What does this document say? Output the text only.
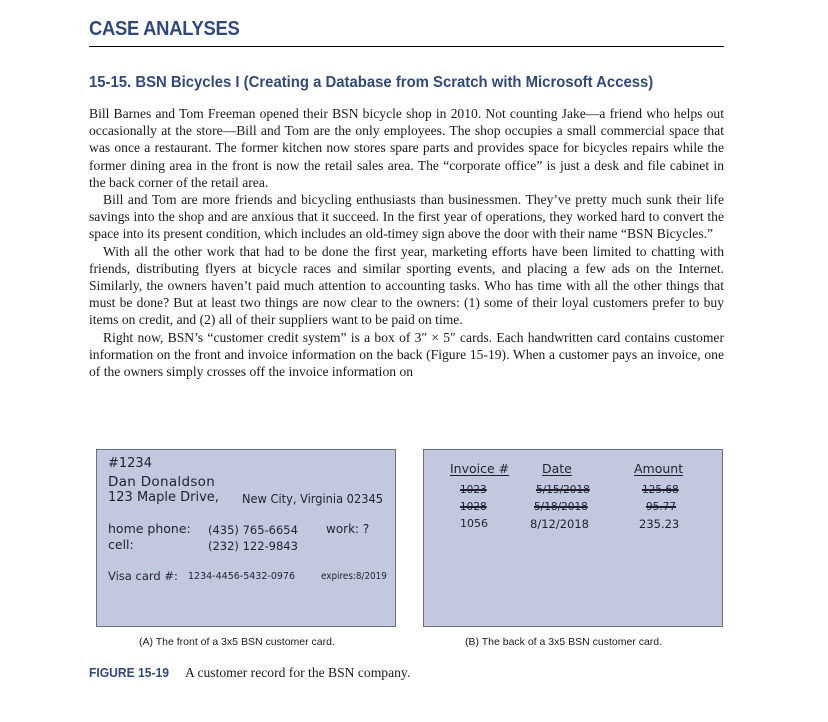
CASE ANALYSES
15-15. BSN Bicycles I (Creating a Database from Scratch with Microsoft Access)

Bill Barnes and Tom Freeman opened their BSN bicycle shop in 2010. Not counting Jake—a friend who helps out occasionally at the store—Bill and Tom are the only employees. The shop occupies a small commercial space that was once a restaurant. The former kitchen now stores spare parts and provides space for bicycles repairs while the former dining area in the front is now the retail sales area. The “corporate office” is just a desk and file cabinet in the back corner of the retail area.

Bill and Tom are more friends and bicycling enthusiasts than businessmen. They’ve pretty much sunk their life savings into the shop and are anxious that it succeed. In the first year of operations, they worked hard to convert the space into its present condition, which includes an old-timey sign above the door with their name “BSN Bicycles.”

With all the other work that had to be done the first year, marketing efforts have been limited to chatting with friends, distributing flyers at bicycle races and similar sporting events, and placing a few ads on the Internet. Similarly, the owners haven’t paid much attention to accounting tasks. Who has time with all the other things that must be done? But at least two things are now clear to the owners: (1) some of their loyal customers prefer to buy items on credit, and (2) all of their suppliers want to be paid on time.

Right now, BSN’s “customer credit system” is a box of 3″ × 5″ cards. Each handwritten card contains customer information on the front and invoice information on the back (Figure 15-19). When a customer pays an invoice, one of the owners simply crosses off the invoice information on

#1234
Dan Donaldson
123 Maple Drive, New City, Virginia 02345
home phone: (435) 765-6654 work: ?
cell:	(232) 122-9843
Visa card #: 1234-4456-5432-0976	expires:8/2019
Invoice #	Date	Amount
1023	5/15/2018	125.68
1028	5/18/2018	95.77
1056	8/12/2018	235.23
(A) The front of a 3x5 BSN customer card.	(B) The back of a 3x5 BSN customer card.
FIGURE 15-19 A customer record for the BSN company.
